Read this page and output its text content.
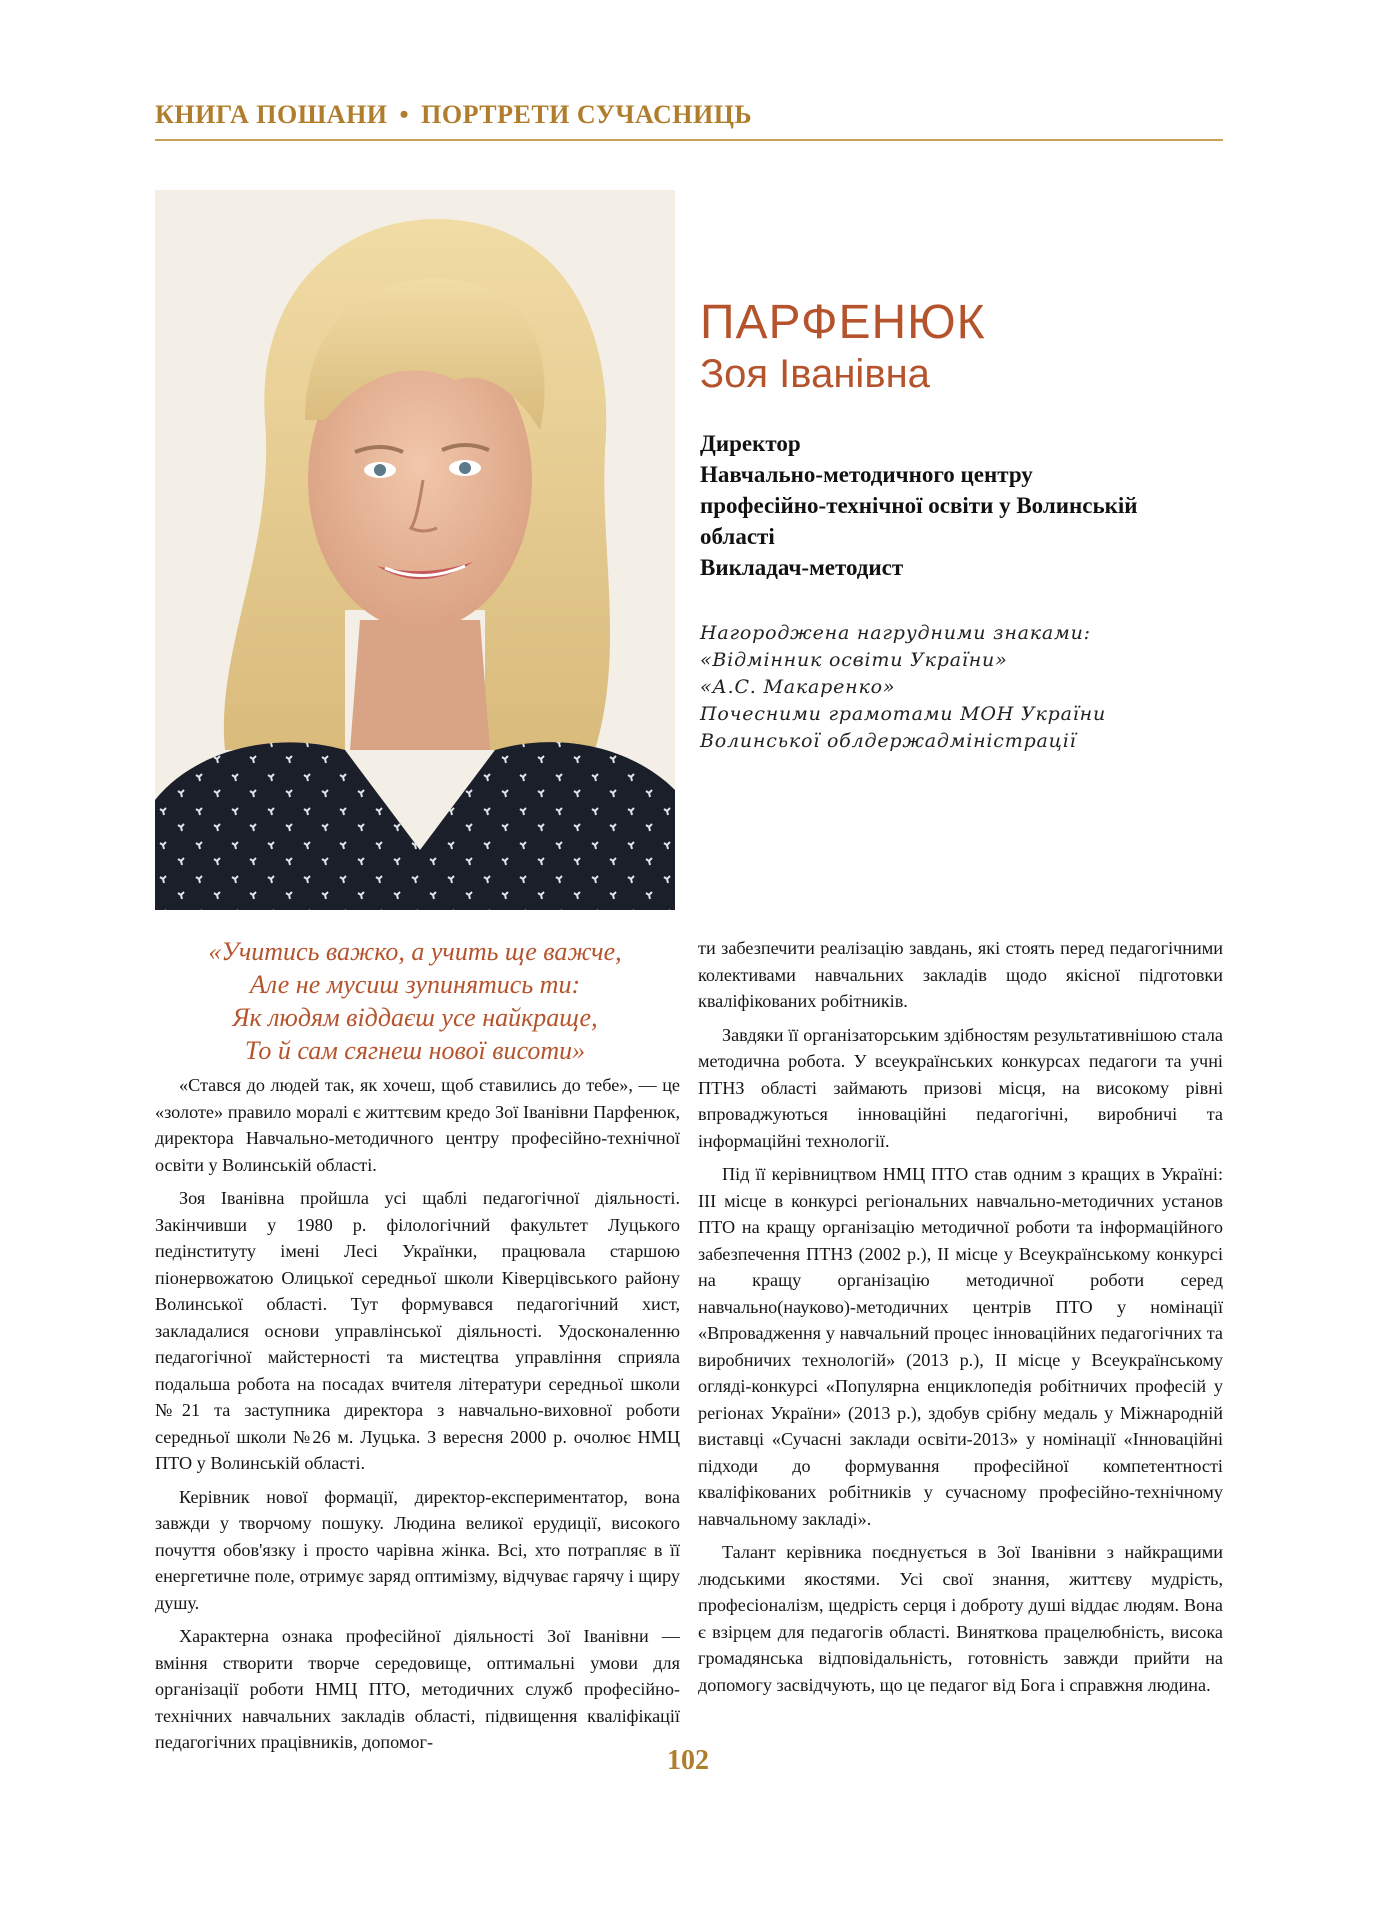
КНИГА ПОШАНИ • ПОРТРЕТИ СУЧАСНИЦЬ
ПАРФЕНЮК
Зоя Іванівна
Директор
Навчально-методичного центру
професійно-технічної освіти у Волинській
області
Викладач-методист
Нагороджена нагрудними знаками:
«Відмінник освіти України»
«А.С. Макаренко»
Почесними грамотами МОН України
Волинської облдержадміністрації
«Учитись важко, а учить ще важче,
Але не мусиш зупинятись ти:
Як людям віддаєш усе найкраще,
То й сам сягнеш нової висоти»

«Стався до людей так, як хочеш, щоб ставились до тебе», — це «золоте» правило моралі є життєвим кредо Зої Іванівни Парфенюк, директора Навчально-методичного центру професійно-технічної освіти у Волинській області.

Зоя Іванівна пройшла усі щаблі педагогічної діяльності. Закінчивши у 1980 р. філологічний факультет Луцького педінституту імені Лесі Українки, працювала старшою піонервожатою Олицької середньої школи Ківерцівського району Волинської області. Тут формувався педагогічний хист, закладалися основи управлінської діяльності. Удосконаленню педагогічної майстерності та мистецтва управління сприяла подальша робота на посадах вчителя літератури середньої школи №21 та заступника директора з навчально-виховної роботи середньої школи №26 м. Луцька. З вересня 2000 р. очолює НМЦ ПТО у Волинській області.

Керівник нової формації, директор-експериментатор, вона завжди у творчому пошуку. Людина великої ерудиції, високого почуття обов'язку і просто чарівна жінка. Всі, хто потрапляє в її енергетичне поле, отримує заряд оптимізму, відчуває гарячу і щиру душу.

Характерна ознака професійної діяльності Зої Іванівни — вміння створити творче середовище, оптимальні умови для організації роботи НМЦ ПТО, методичних служб професійно-технічних навчальних закладів області, підвищення кваліфікації педагогічних працівників, допомог-

ти забезпечити реалізацію завдань, які стоять перед педагогічними колективами навчальних закладів щодо якісної підготовки кваліфікованих робітників.

Завдяки її організаторським здібностям результативнішою стала методична робота. У всеукраїнських конкурсах педагоги та учні ПТНЗ області займають призові місця, на високому рівні впроваджуються інноваційні педагогічні, виробничі та інформаційні технології.

Під її керівництвом НМЦ ПТО став одним з кращих в Україні: ІІІ місце в конкурсі регіональних навчально-методичних установ ПТО на кращу організацію методичної роботи та інформаційного забезпечення ПТНЗ (2002 р.), ІІ місце у Всеукраїнському конкурсі на кращу організацію методичної роботи серед навчально(науково)-методичних центрів ПТО у номінації «Впровадження у навчальний процес інноваційних педагогічних та виробничих технологій» (2013 р.), ІІ місце у Всеукраїнському огляді-конкурсі «Популярна енциклопедія робітничих професій у регіонах України» (2013 р.), здобув срібну медаль у Міжнародній виставці «Сучасні заклади освіти-2013» у номінації «Інноваційні підходи до формування професійної компетентності кваліфікованих робітників у сучасному професійно-технічному навчальному закладі».

Талант керівника поєднується в Зої Іванівни з найкращими людськими якостями. Усі свої знання, життєву мудрість, професіоналізм, щедрість серця і доброту душі віддає людям. Вона є взірцем для педагогів області. Винятковa працелюбність, висока громадянська відповідальність, готовність завжди прийти на допомогу засвідчують, що це педагог від Бога і справжня людина.

102
